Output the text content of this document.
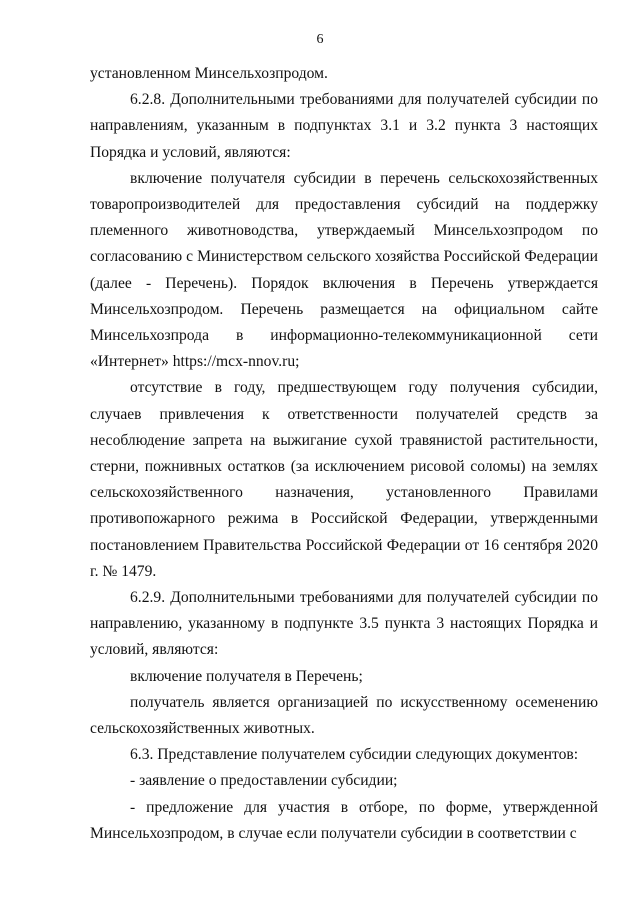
6

установленном Минсельхозпродом.

6.2.8. Дополнительными требованиями для получателей субсидии по направлениям, указанным в подпунктах 3.1 и 3.2 пункта 3 настоящих Порядка и условий, являются:

включение получателя субсидии в перечень сельскохозяйственных товаропроизводителей для предоставления субсидий на поддержку племенного животноводства, утверждаемый Минсельхозпродом по согласованию с Министерством сельского хозяйства Российской Федерации (далее - Перечень). Порядок включения в Перечень утверждается Минсельхозпродом. Перечень размещается на официальном сайте Минсельхозпрода в информационно-телекоммуникационной сети «Интернет» https://mcx-nnov.ru;

отсутствие в году, предшествующем году получения субсидии, случаев привлечения к ответственности получателей средств за несоблюдение запрета на выжигание сухой травянистой растительности, стерни, пожнивных остатков (за исключением рисовой соломы) на землях сельскохозяйственного назначения, установленного Правилами противопожарного режима в Российской Федерации, утвержденными постановлением Правительства Российской Федерации от 16 сентября 2020 г. № 1479.

6.2.9. Дополнительными требованиями для получателей субсидии по направлению, указанному в подпункте 3.5 пункта 3 настоящих Порядка и условий, являются:

включение получателя в Перечень;

получатель является организацией по искусственному осеменению сельскохозяйственных животных.

6.3. Представление получателем субсидии следующих документов:

- заявление о предоставлении субсидии;

- предложение для участия в отборе, по форме, утвержденной Минсельхозпродом, в случае если получатели субсидии в соответствии с
